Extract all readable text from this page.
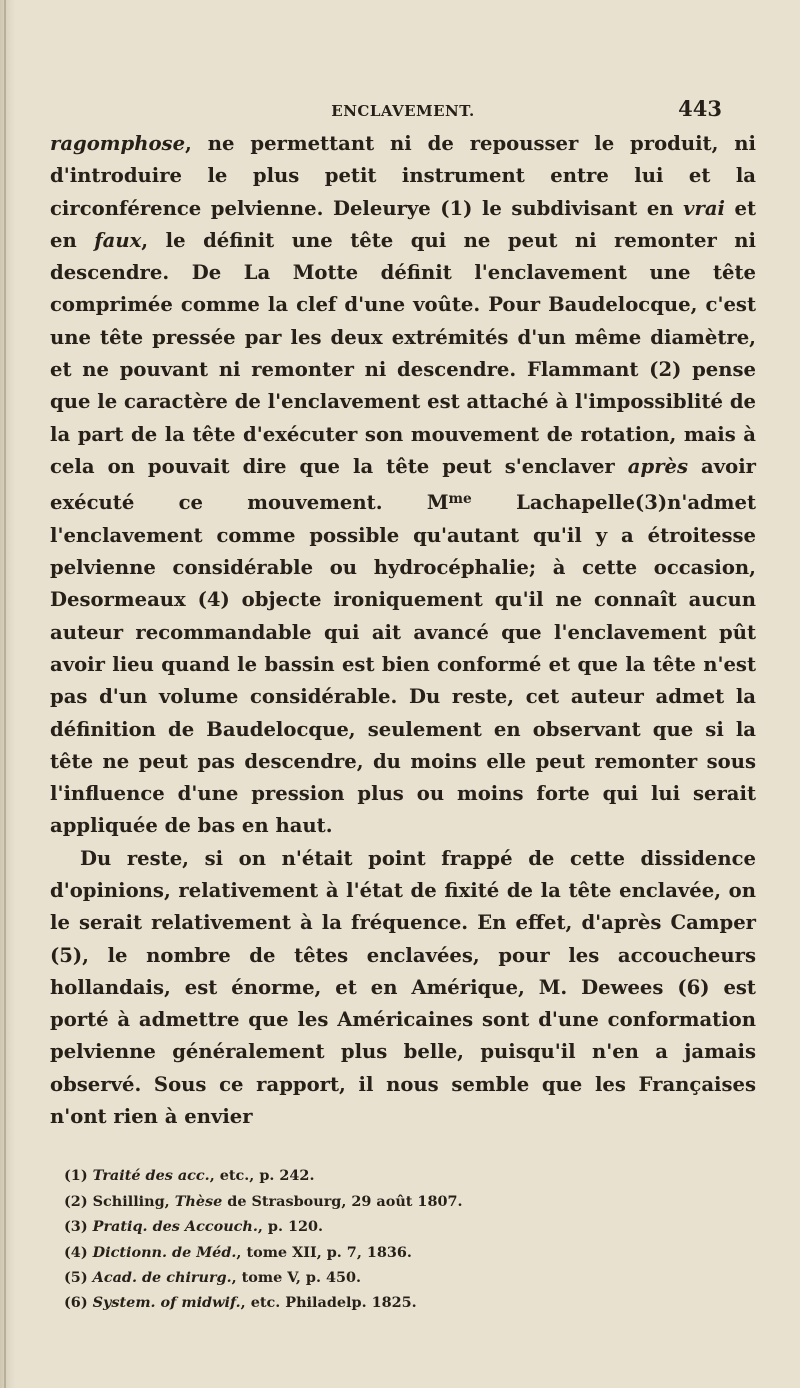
ENCLAVEMENT.	443

ragomphose, ne permettant ni de repousser le produit, ni d'introduire le plus petit instrument entre lui et la circonférence pelvienne. Deleurye (1) le subdivisant en vrai et en faux, le définit une tête qui ne peut ni remonter ni descendre. De La Motte définit l'enclavement une tête comprimée comme la clef d'une voûte. Pour Baudelocque, c'est une tête pressée par les deux extrémités d'un même diamètre, et ne pouvant ni remonter ni descendre. Flammant (2) pense que le caractère de l'enclavement est attaché à l'impossiblité de la part de la tête d'exécuter son mouvement de rotation, mais à cela on pouvait dire que la tête peut s'enclaver après avoir exécuté ce mouvement. $M^{me}$ Lachapelle(3)n'admet l'enclavement comme possible qu'autant qu'il y a étroitesse pelvienne considérable ou hydrocéphalie; à cette occasion, Desormeaux (4) objecte ironiquement qu'il ne connaît aucun auteur recommandable qui ait avancé que l'enclavement pût avoir lieu quand le bassin est bien conformé et que la tête n'est pas d'un volume considérable. Du reste, cet auteur admet la définition de Baudelocque, seulement en observant que si la tête ne peut pas descendre, du moins elle peut remonter sous l'influence d'une pression plus ou moins forte qui lui serait appliquée de bas en haut.

Du reste, si on n'était point frappé de cette dissidence d'opinions, relativement à l'état de fixité de la tête enclavée, on le serait relativement à la fréquence. En effet, d'après Camper (5), le nombre de têtes enclavées, pour les accoucheurs hollandais, est énorme, et en Amérique, M. Dewees (6) est porté à admettre que les Américaines sont d'une conformation pelvienne généralement plus belle, puisqu'il n'en a jamais observé. Sous ce rapport, il nous semble que les Françaises n'ont rien à envier

(1) Traité des acc., etc., p. 242.
(2) Schilling, Thèse de Strasbourg, 29 août 1807.
(3) Pratiq. des Accouch., p. 120.
(4) Dictionn. de Méd., tome XII, p. 7, 1836.
(5) Acad. de chirurg., tome V, p. 450.
(6) System. of midwif., etc. Philadelp. 1825.
